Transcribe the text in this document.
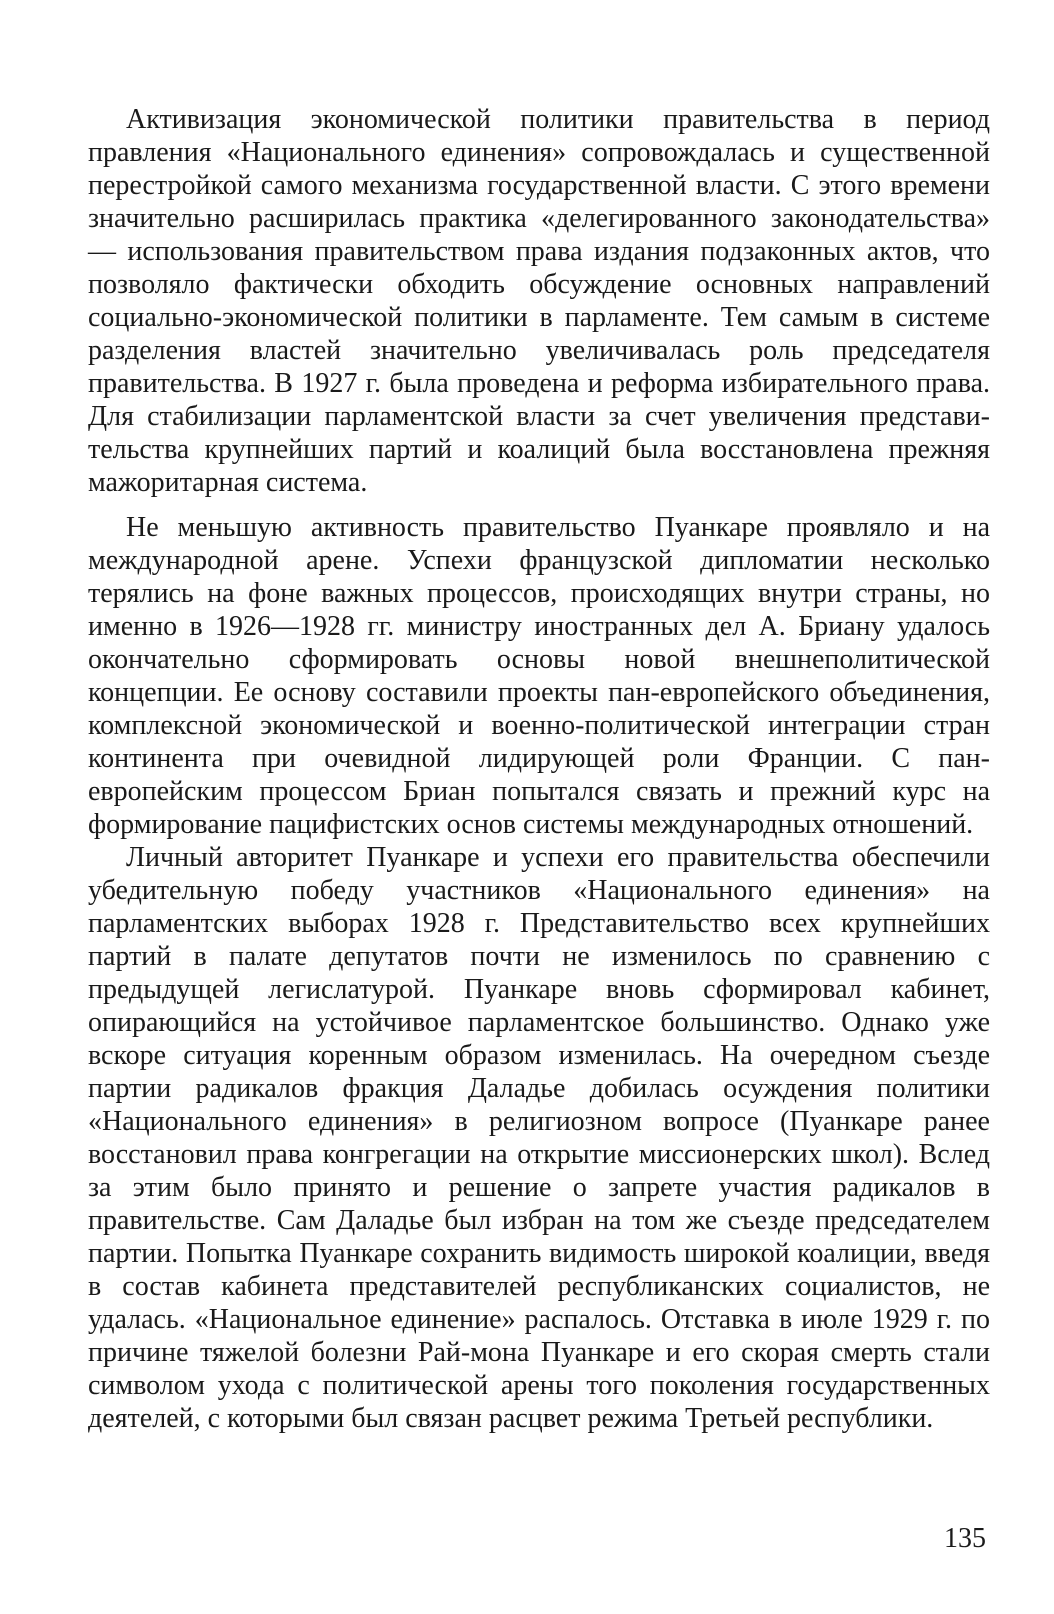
Активизация экономической политики правительства в период правления «Национального единения» сопровождалась и существенной перестройкой самого механизма государственной власти. С этого времени значительно расширилась практика «делегированного законодательства» — использования правительством права издания подзаконных актов, что позволяло фактически обходить обсуждение основных направлений социально-экономической политики в парламенте. Тем самым в системе разделения властей значительно увеличивалась роль председателя правительства. В 1927 г. была проведена и реформа избирательного права. Для стабилизации парламентской власти за счет увеличения представительства крупнейших партий и коалиций была восстановлена прежняя мажоритарная система.

Не меньшую активность правительство Пуанкаре проявляло и на международной арене. Успехи французской дипломатии несколько терялись на фоне важных процессов, происходящих внутри страны, но именно в 1926—1928 гг. министру иностранных дел А. Бриану удалось окончательно сформировать основы новой внешнеполитической концепции. Ее основу составили проекты пан-европейского объединения, комплексной экономической и военно-политической интеграции стран континента при очевидной лидирующей роли Франции. С пан-европейским процессом Бриан попытался связать и прежний курс на формирование пацифистских основ системы международных отношений.

Личный авторитет Пуанкаре и успехи его правительства обеспечили убедительную победу участников «Национального единения» на парламентских выборах 1928 г. Представительство всех крупнейших партий в палате депутатов почти не изменилось по сравнению с предыдущей легислатурой. Пуанкаре вновь сформировал кабинет, опирающийся на устойчивое парламентское большинство. Однако уже вскоре ситуация коренным образом изменилась. На очередном съезде партии радикалов фракция Даладье добилась осуждения политики «Национального единения» в религиозном вопросе (Пуанкаре ранее восстановил права конгрегации на открытие миссионерских школ). Вслед за этим было принято и решение о запрете участия радикалов в правительстве. Сам Даладье был избран на том же съезде председателем партии. Попытка Пуанкаре сохранить видимость широкой коалиции, введя в состав кабинета представителей республиканских социалистов, не удалась. «Национальное единение» распалось. Отставка в июле 1929 г. по причине тяжелой болезни Рай-мона Пуанкаре и его скорая смерть стали символом ухода с политической арены того поколения государственных деятелей, с которыми был связан расцвет режима Третьей республики.

135
